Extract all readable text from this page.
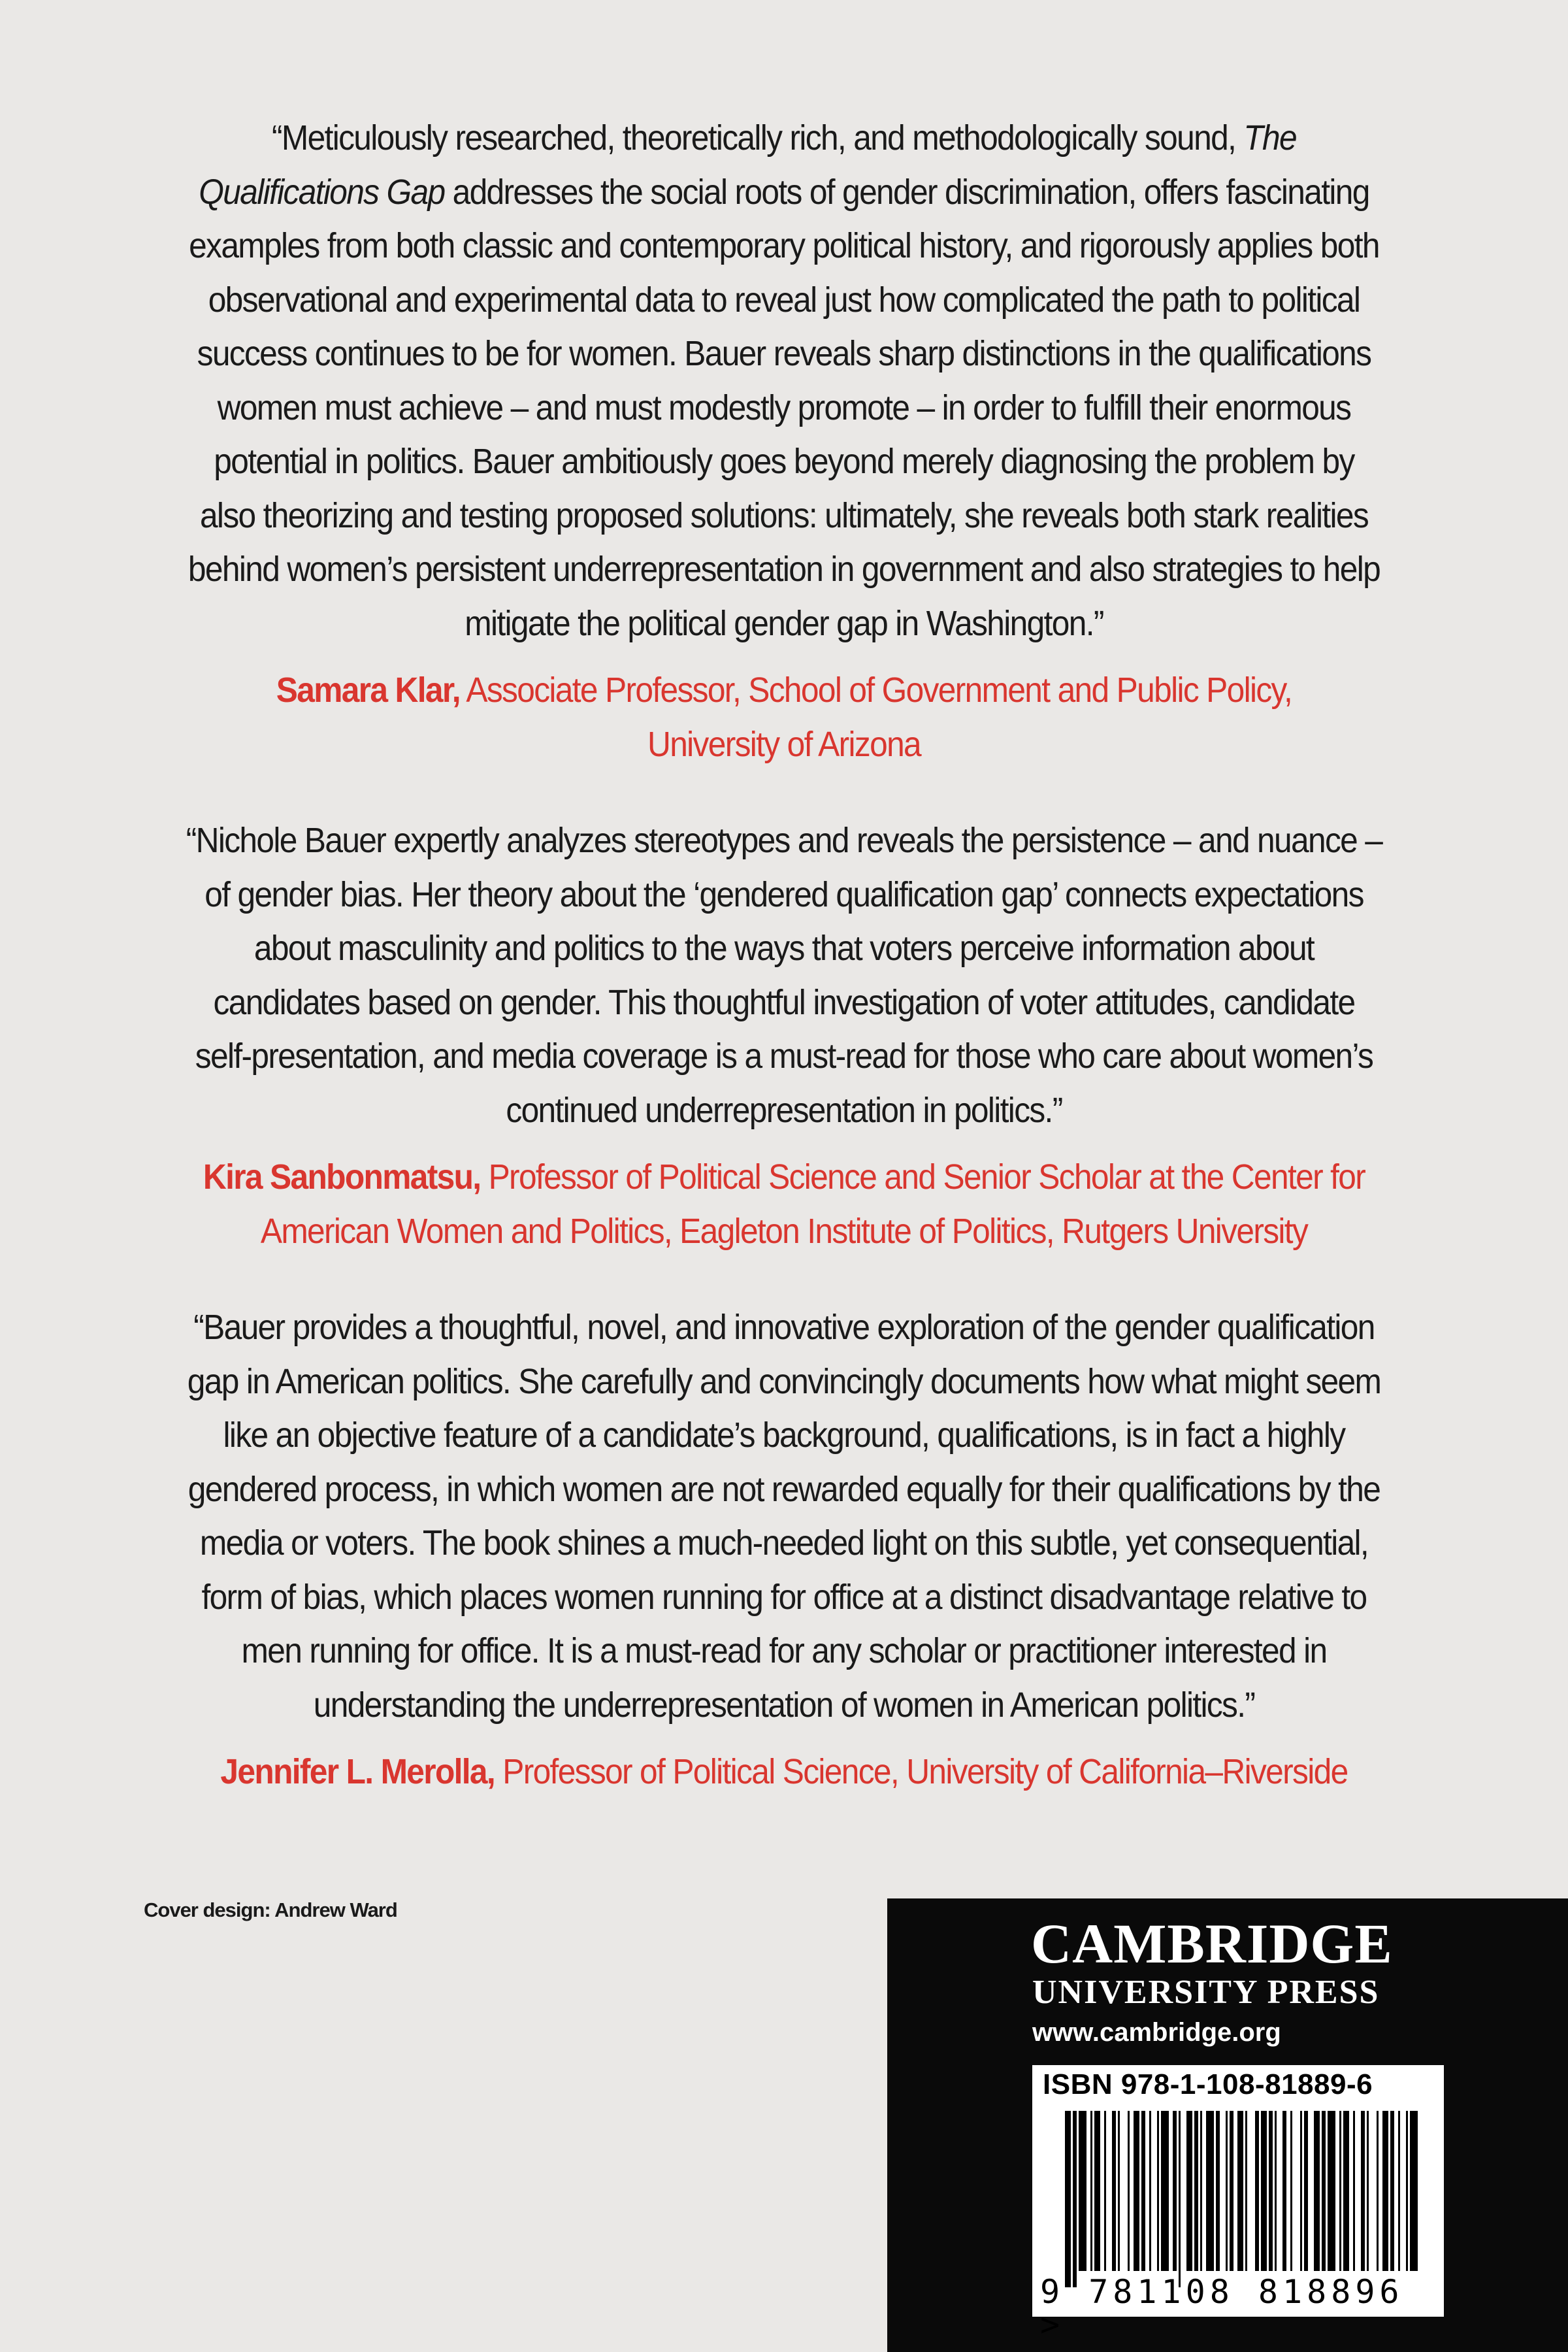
“Meticulously researched, theoretically rich, and methodologically sound, The Qualifications Gap addresses the social roots of gender discrimination, offers fascinating examples from both classic and contemporary political history, and rigorously applies both observational and experimental data to reveal just how complicated the path to political success continues to be for women. Bauer reveals sharp distinctions in the qualifications women must achieve – and must modestly promote – in order to fulfill their enormous potential in politics. Bauer ambitiously goes beyond merely diagnosing the problem by also theorizing and testing proposed solutions: ultimately, she reveals both stark realities behind women’s persistent underrepresentation in government and also strategies to help mitigate the political gender gap in Washington.”

Samara Klar, Associate Professor, School of Government and Public Policy,
University of Arizona

“Nichole Bauer expertly analyzes stereotypes and reveals the persistence – and nuance – of gender bias. Her theory about the ‘gendered qualification gap’ connects expectations about masculinity and politics to the ways that voters perceive information about candidates based on gender. This thoughtful investigation of voter attitudes, candidate self-presentation, and media coverage is a must-read for those who care about women’s continued underrepresentation in politics.”

Kira Sanbonmatsu, Professor of Political Science and Senior Scholar at the Center for
American Women and Politics, Eagleton Institute of Politics, Rutgers University

“Bauer provides a thoughtful, novel, and innovative exploration of the gender qualification gap in American politics. She carefully and convincingly documents how what might seem like an objective feature of a candidate’s background, qualifications, is in fact a highly gendered process, in which women are not rewarded equally for their qualifications by the media or voters. The book shines a much-needed light on this subtle, yet consequential, form of bias, which places women running for office at a distinct disadvantage relative to men running for office. It is a must-read for any scholar or practitioner interested in understanding the underrepresentation of women in American politics.”

Jennifer L. Merolla, Professor of Political Science, University of California–Riverside

Cover design: Andrew Ward
CAMBRIDGE
UNIVERSITY PRESS
www.cambridge.org
ISBN 978-1-108-81889-6
9 781108 818896 >
